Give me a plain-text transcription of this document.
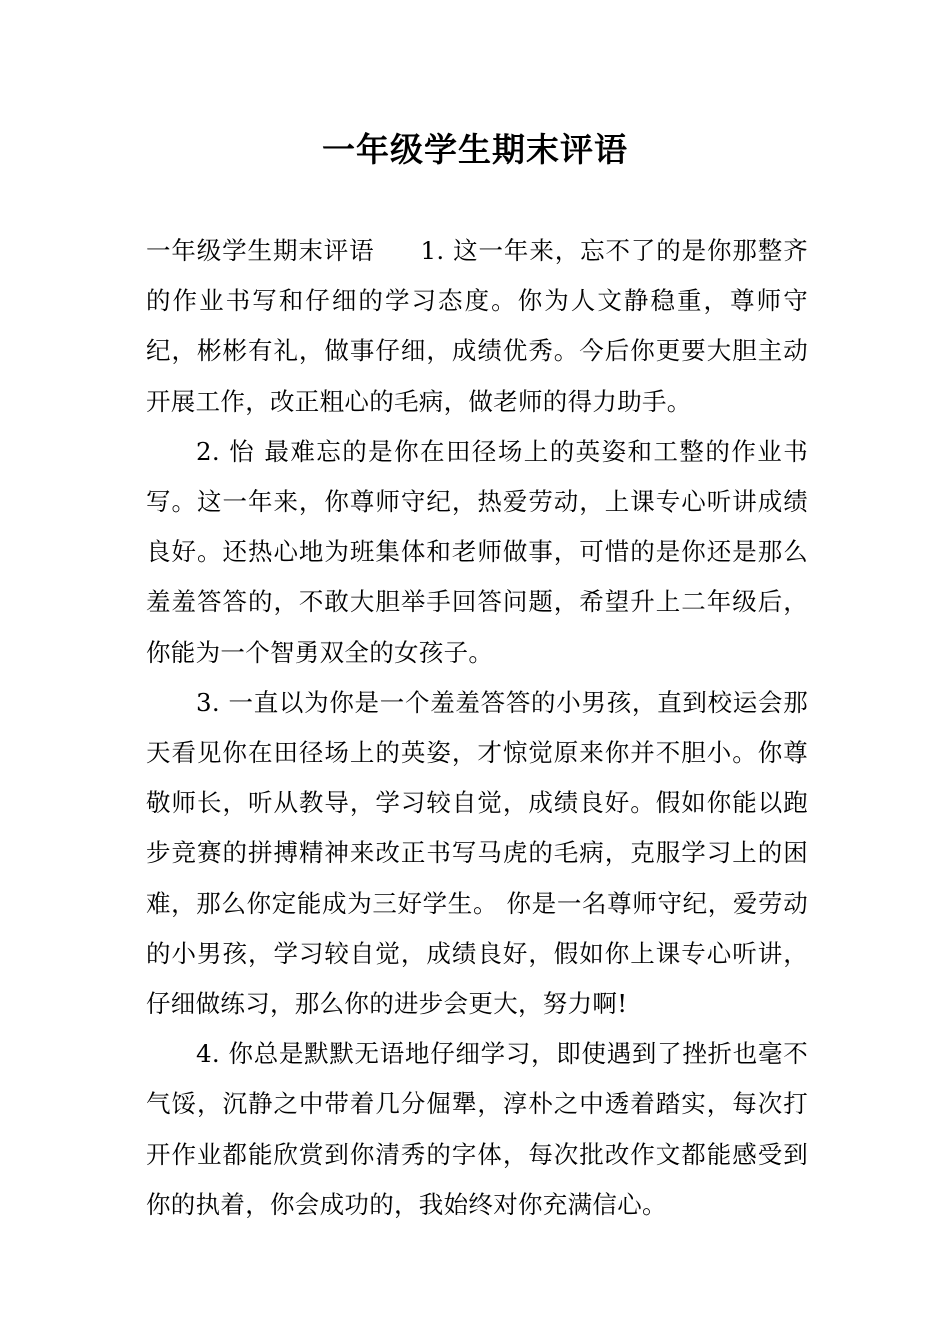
一年级学生期末评语

一年级学生期末评语 1. 这一年来，忘不了的是你那整齐的作业书写和仔细的学习态度。你为人文静稳重，尊师守纪，彬彬有礼，做事仔细，成绩优秀。今后你更要大胆主动开展工作，改正粗心的毛病，做老师的得力助手。

2. 怡 最难忘的是你在田径场上的英姿和工整的作业书写。这一年来，你尊师守纪，热爱劳动，上课专心听讲成绩良好。还热心地为班集体和老师做事，可惜的是你还是那么羞羞答答的，不敢大胆举手回答问题，希望升上二年级后，你能为一个智勇双全的女孩子。

3. 一直以为你是一个羞羞答答的小男孩，直到校运会那天看见你在田径场上的英姿，才惊觉原来你并不胆小。你尊敬师长，听从教导，学习较自觉，成绩良好。假如你能以跑步竞赛的拼搏精神来改正书写马虎的毛病，克服学习上的困难，那么你定能成为三好学生。 你是一名尊师守纪，爱劳动的小男孩，学习较自觉，成绩良好，假如你上课专心听讲，仔细做练习，那么你的进步会更大，努力啊!

4. 你总是默默无语地仔细学习，即使遇到了挫折也毫不气馁，沉静之中带着几分倔犟，淳朴之中透着踏实，每次打开作业都能欣赏到你清秀的字体，每次批改作文都能感受到你的执着，你会成功的，我始终对你充满信心。
